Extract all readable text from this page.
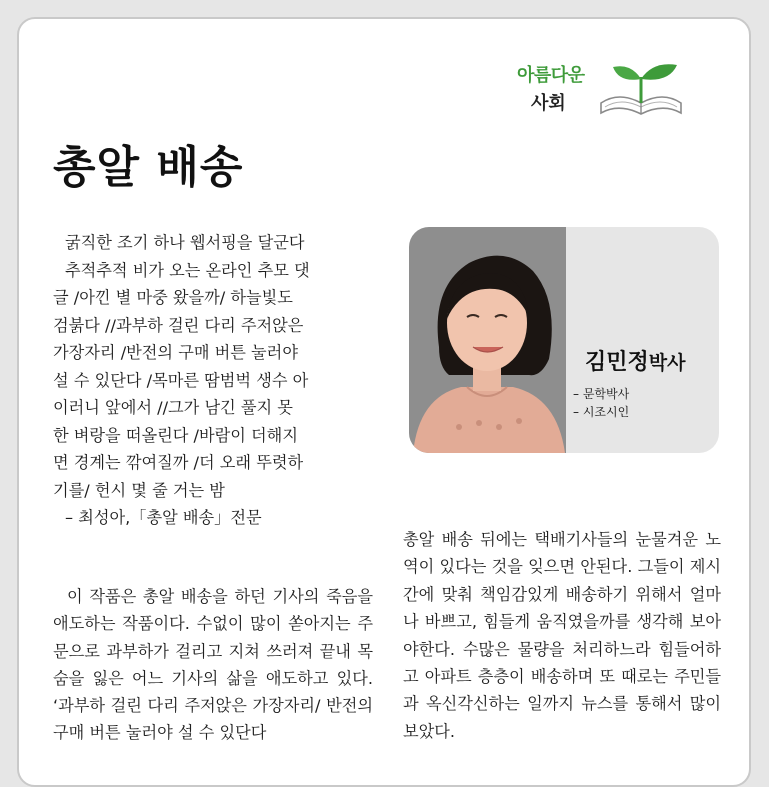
아름다운
사회
총알 배송
굵직한 조기 하나 웹서핑을 달군다
추적추적 비가 오는 온라인 추모 댓
글 /아낀 별 마중 왔을까/ 하늘빛도
검붉다 //과부하 걸린 다리 주저앉은
가장자리 /반전의 구매 버튼 눌러야
설 수 있단다 /목마른 땀범벅 생수 아
이러니 앞에서 //그가 남긴 풀지 못
한 벼랑을 떠올린다 /바람이 더해지
면 경계는 깎여질까 /더 오래 뚜렷하
기를/ 헌시 몇 줄 거는 밤
– 최성아,「총알 배송」전문

이 작품은 총알 배송을 하던 기사의 죽음을 애도하는 작품이다. 수없이 많이 쏟아지는 주문으로 과부하가 걸리고 지쳐 쓰러져 끝내 목숨을 잃은 어느 기사의 삶을 애도하고 있다. ‘과부하 걸린 다리 주저앉은 가장자리/ 반전의 구매 버튼 눌러야 설 수 있단다

김민정박사
– 문학박사
– 시조시인

총알 배송 뒤에는 택배기사들의 눈물겨운 노역이 있다는 것을 잊으면 안된다. 그들이 제시간에 맞춰 책임감있게 배송하기 위해서 얼마나 바쁘고, 힘들게 움직였을까를 생각해 보아야한다. 수많은 물량을 처리하느라 힘들어하고 아파트 층층이 배송하며 또 때로는 주민들과 옥신각신하는 일까지 뉴스를 통해서 많이 보았다.
